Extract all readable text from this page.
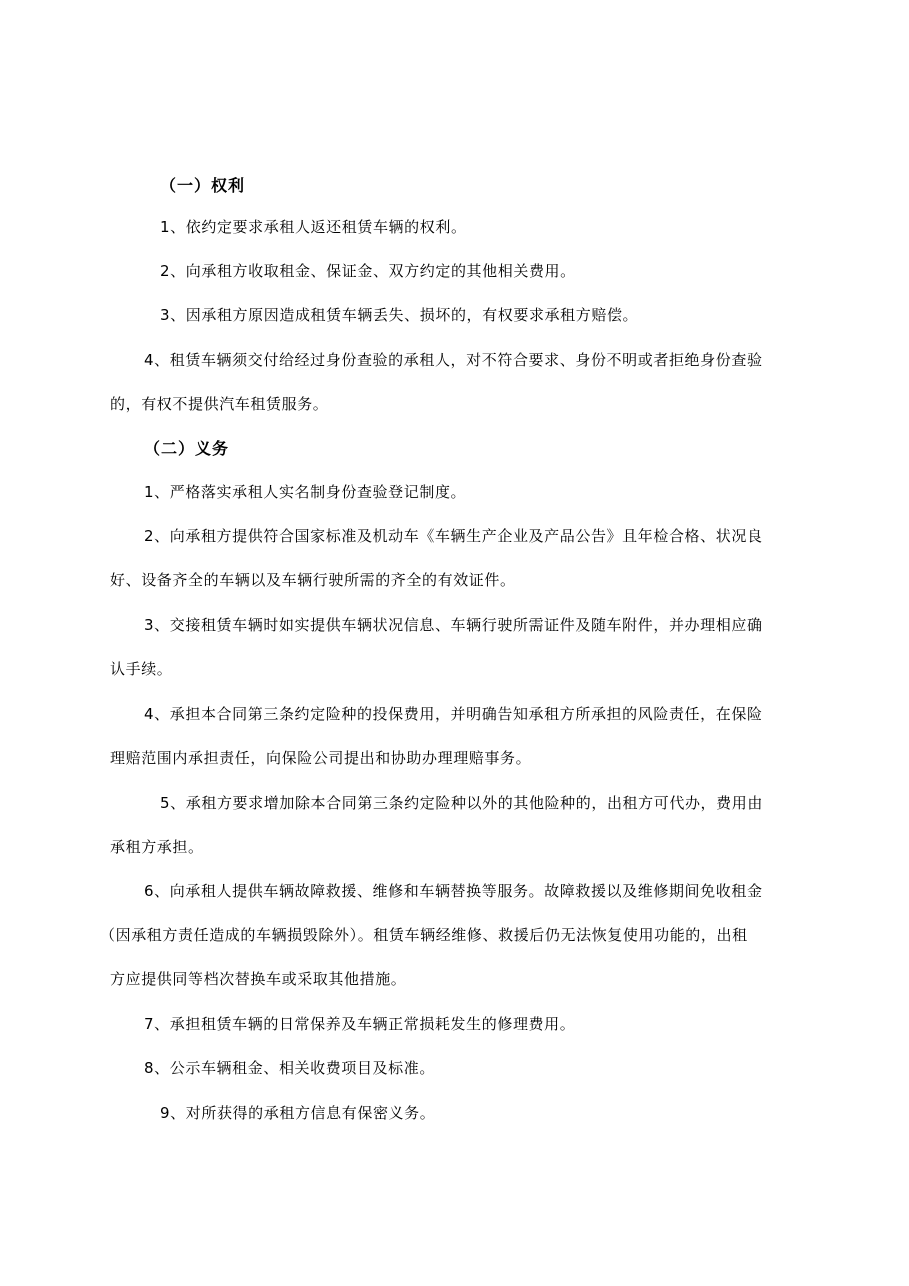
（一）权利
1、依约定要求承租人返还租赁车辆的权利。
2、向承租方收取租金、保证金、双方约定的其他相关费用。
3、因承租方原因造成租赁车辆丢失、损坏的，有权要求承租方赔偿。
4、租赁车辆须交付给经过身份查验的承租人，对不符合要求、身份不明或者拒绝身份查验
的，有权不提供汽车租赁服务。
（二）义务
1、严格落实承租人实名制身份查验登记制度。
2、向承租方提供符合国家标准及机动车《车辆生产企业及产品公告》且年检合格、状况良
好、设备齐全的车辆以及车辆行驶所需的齐全的有效证件。
3、交接租赁车辆时如实提供车辆状况信息、车辆行驶所需证件及随车附件，并办理相应确
认手续。
4、承担本合同第三条约定险种的投保费用，并明确告知承租方所承担的风险责任，在保险
理赔范围内承担责任，向保险公司提出和协助办理理赔事务。
5、承租方要求增加除本合同第三条约定险种以外的其他险种的，出租方可代办，费用由
承租方承担。
6、向承租人提供车辆故障救援、维修和车辆替换等服务。故障救援以及维修期间免收租金
（因承租方责任造成的车辆损毁除外）。租赁车辆经维修、救援后仍无法恢复使用功能的，出租
方应提供同等档次替换车或采取其他措施。
7、承担租赁车辆的日常保养及车辆正常损耗发生的修理费用。
8、公示车辆租金、相关收费项目及标准。
9、对所获得的承租方信息有保密义务。
